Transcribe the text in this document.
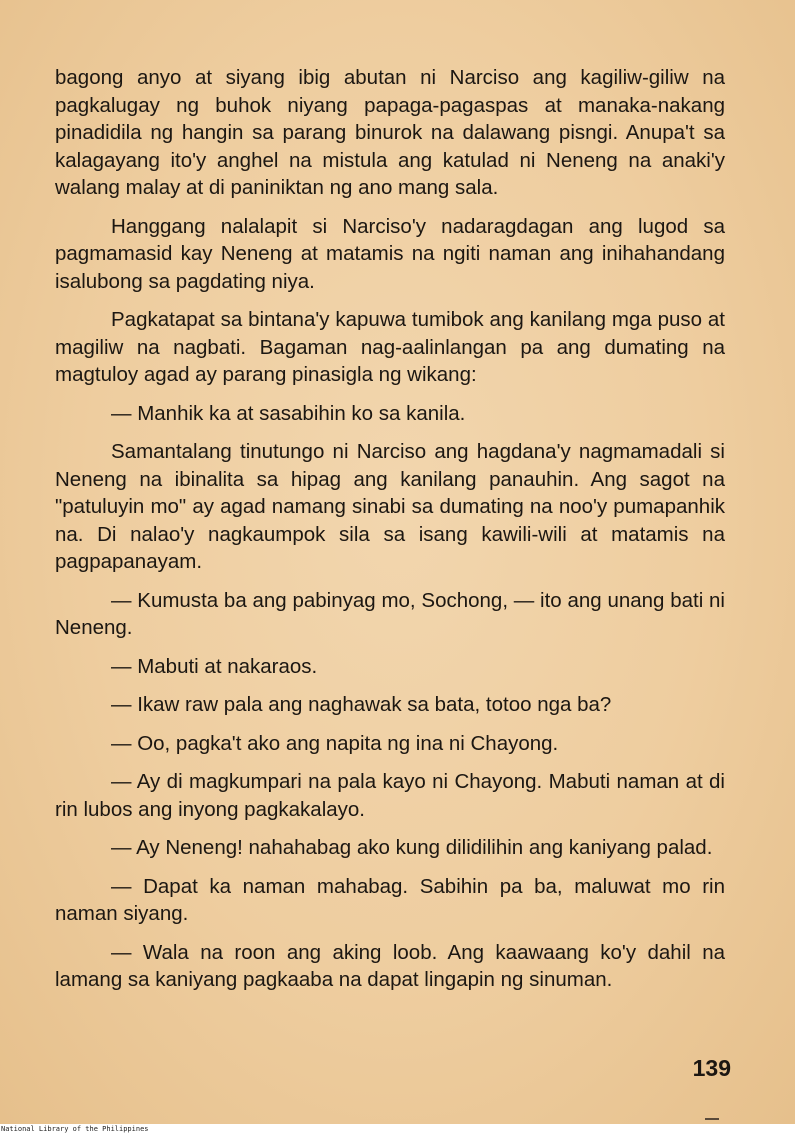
bagong anyo at siyang ibig abutan ni Narciso ang kagiliw-giliw na pagkalugay ng buhok niyang papaga-pagaspas at manaka-nakang pinadidila ng hangin sa parang binurok na dalawang pisngi. Anupa't sa kalagayang ito'y anghel na mistula ang katulad ni Neneng na anaki'y walang malay at di paniniktan ng ano mang sala.

Hanggang nalalapit si Narciso'y nadaragdagan ang lugod sa pagmamasid kay Neneng at matamis na ngiti naman ang inihahandang isalubong sa pagdating niya.

Pagkatapat sa bintana'y kapuwa tumibok ang kanilang mga puso at magiliw na nagbati. Bagaman nag-aalinlangan pa ang dumating na magtuloy agad ay parang pinasigla ng wikang:

— Manhik ka at sasabihin ko sa kanila.

Samantalang tinutungo ni Narciso ang hagdana'y nagmamadali si Neneng na ibinalita sa hipag ang kanilang panauhin. Ang sagot na "patuluyin mo" ay agad namang sinabi sa dumating na noo'y pumapanhik na. Di nalao'y nagkaumpok sila sa isang kawili-wili at matamis na pagpapanayam.

— Kumusta ba ang pabinyag mo, Sochong, — ito ang unang bati ni Neneng.

— Mabuti at nakaraos.

— Ikaw raw pala ang naghawak sa bata, totoo nga ba?

— Oo, pagka't ako ang napita ng ina ni Chayong.

— Ay di magkumpari na pala kayo ni Chayong. Mabuti naman at di rin lubos ang inyong pagkakalayo.

— Ay Neneng! nahahabag ako kung dilidilihin ang kaniyang palad.

— Dapat ka naman mahabag. Sabihin pa ba, maluwat mo rin naman siyang.

— Wala na roon ang aking loob. Ang kaawaang ko'y dahil na lamang sa kaniyang pagkaaba na dapat lingapin ng sinuman.

139
National Library of the Philippines
